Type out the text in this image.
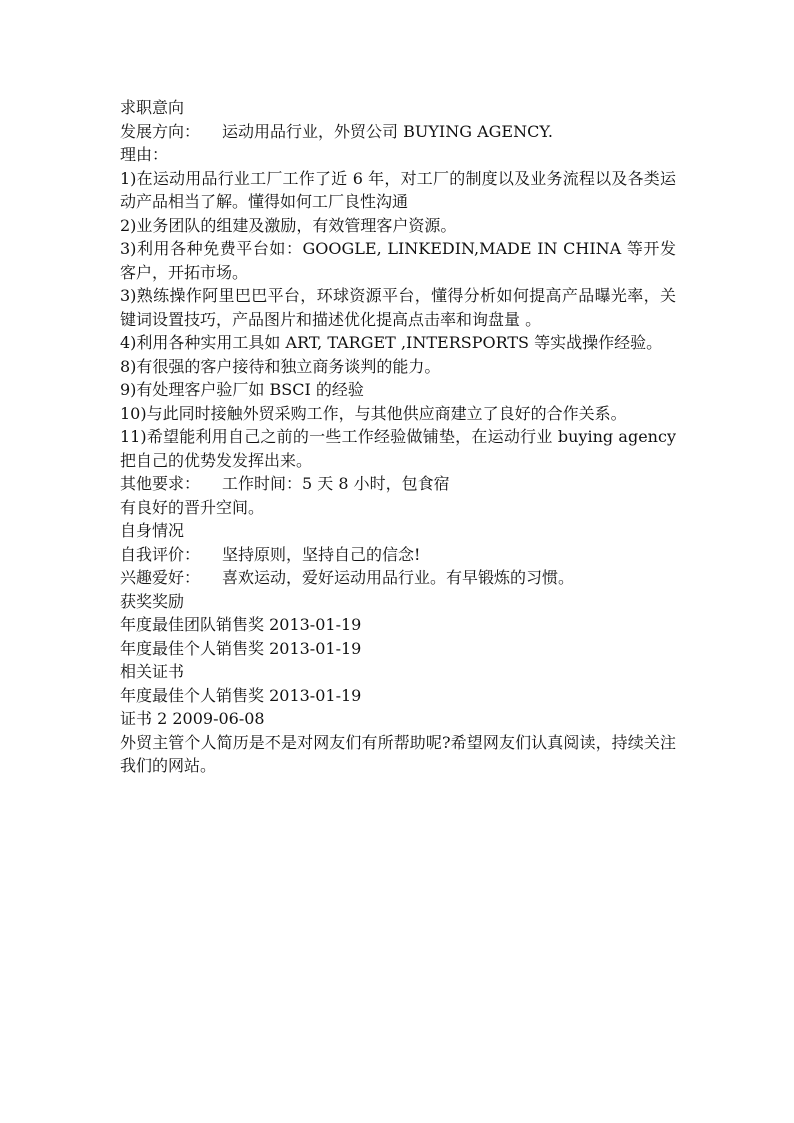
求职意向
发展方向： 运动用品行业，外贸公司 BUYING AGENCY.
理由：
1)在运动用品行业工厂工作了近 6 年，对工厂的制度以及业务流程以及各类运动产品相当了解。懂得如何工厂良性沟通
2)业务团队的组建及激励，有效管理客户资源。
3)利用各种免费平台如：GOOGLE, LINKEDIN,MADE IN CHINA 等开发客户，开拓市场。
3)熟练操作阿里巴巴平台，环球资源平台，懂得分析如何提高产品曝光率，关键词设置技巧，产品图片和描述优化提高点击率和询盘量 。
4)利用各种实用工具如 ART, TARGET ,INTERSPORTS 等实战操作经验。
8)有很强的客户接待和独立商务谈判的能力。
9)有处理客户验厂如 BSCI 的经验
10)与此同时接触外贸采购工作，与其他供应商建立了良好的合作关系。
11)希望能利用自己之前的一些工作经验做铺垫，在运动行业 buying agency 把自己的优势发发挥出来。
其他要求： 工作时间：5 天 8 小时，包食宿
有良好的晋升空间。
自身情况
自我评价： 坚持原则，坚持自己的信念!
兴趣爱好： 喜欢运动，爱好运动用品行业。有早锻炼的习惯。
获奖奖励
年度最佳团队销售奖 2013-01-19
年度最佳个人销售奖 2013-01-19
相关证书
年度最佳个人销售奖 2013-01-19
证书 2 2009-06-08
外贸主管个人简历是不是对网友们有所帮助呢?希望网友们认真阅读，持续关注我们的网站。
